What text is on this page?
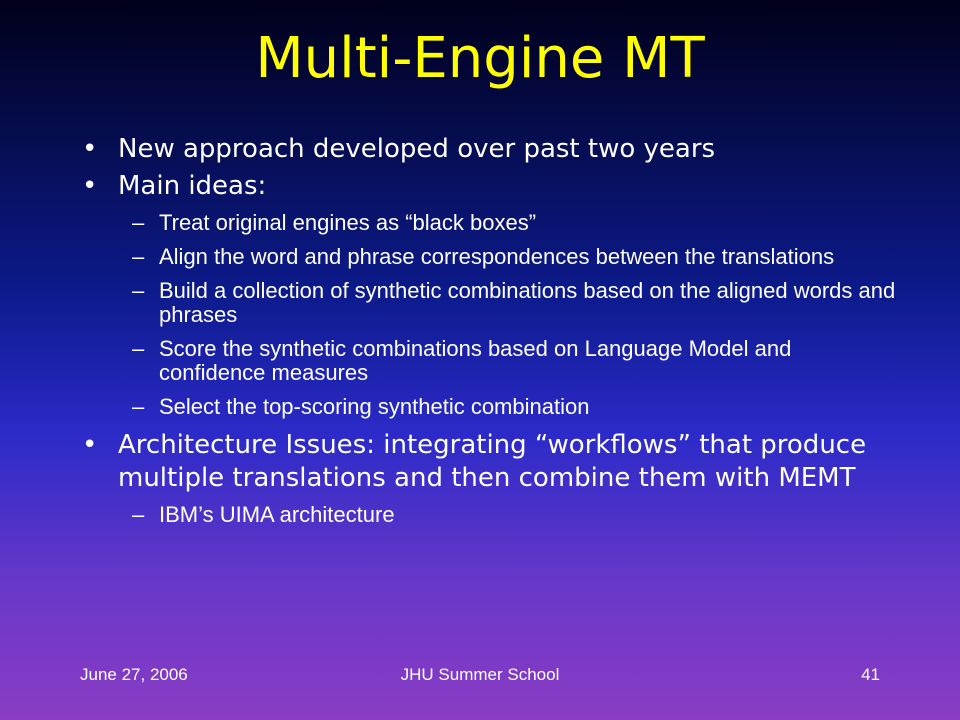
Multi-Engine MT
• New approach developed over past two years
• Main ideas:
– Treat original engines as “black boxes”
– Align the word and phrase correspondences between the translations
– Build a collection of synthetic combinations based on the aligned words and phrases
– Score the synthetic combinations based on Language Model and confidence measures
– Select the top-scoring synthetic combination
• Architecture Issues: integrating “workflows” that produce multiple translations and then combine them with MEMT
– IBM’s UIMA architecture
June 27, 2006	JHU Summer School	41
